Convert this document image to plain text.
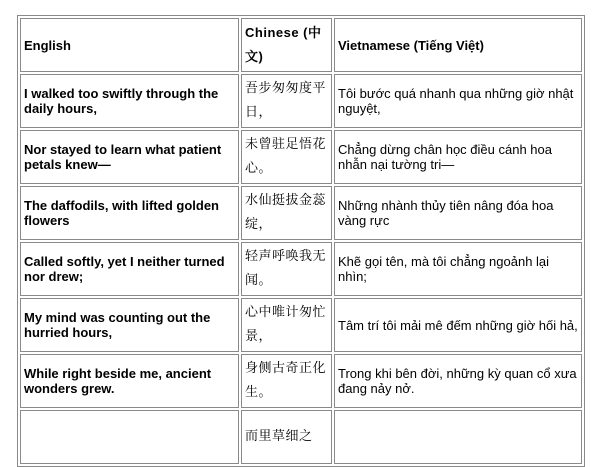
English	Chinese (中文)	Vietnamese (Tiếng Việt)
I walked too swiftly through the daily hours,	吾步匆匆度平日，	Tôi bước quá nhanh qua những giờ nhật nguyệt,
Nor stayed to learn what patient petals knew—	未曾驻足悟花心。	Chẳng dừng chân học điều cánh hoa nhẫn nại tường tri—
The daffodils, with lifted golden flowers	水仙挺拔金蕊绽，	Những nhành thủy tiên nâng đóa hoa vàng rực
Called softly, yet I neither turned nor drew;	轻声呼唤我无闻。	Khẽ gọi tên, mà tôi chẳng ngoảnh lại nhìn;
My mind was counting out the hurried hours,	心中唯计匆忙景，	Tâm trí tôi mải mê đếm những giờ hối hả,
While right beside me, ancient wonders grew.	身侧古奇正化生。	Trong khi bên đời, những kỳ quan cổ xưa đang nảy nở.
	而里草细之	
